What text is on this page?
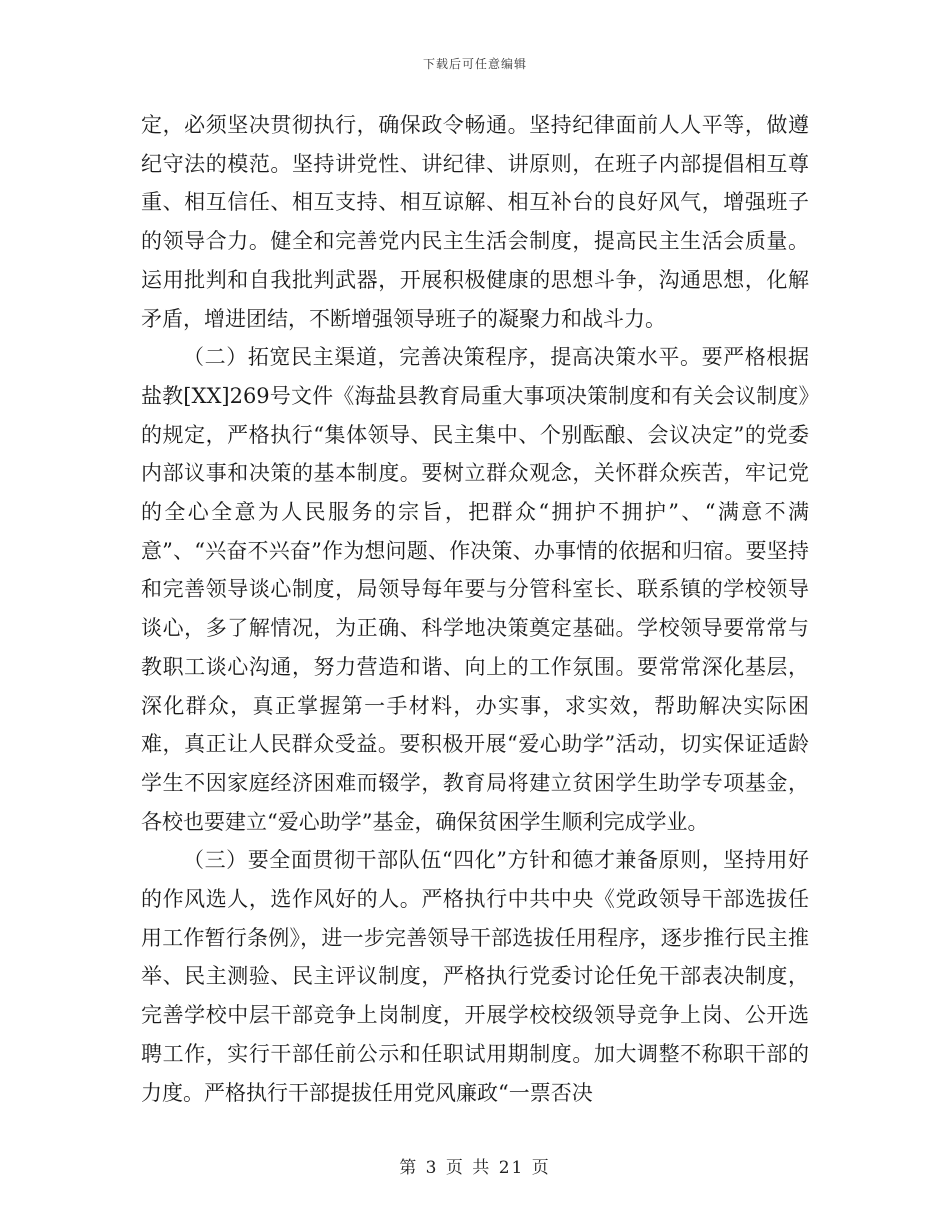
下载后可任意编辑

定，必须坚决贯彻执行，确保政令畅通。坚持纪律面前人人平等，做遵纪守法的模范。坚持讲党性、讲纪律、讲原则，在班子内部提倡相互尊重、相互信任、相互支持、相互谅解、相互补台的良好风气，增强班子的领导合力。健全和完善党内民主生活会制度，提高民主生活会质量。运用批判和自我批判武器，开展积极健康的思想斗争，沟通思想，化解矛盾，增进团结，不断增强领导班子的凝聚力和战斗力。

（二）拓宽民主渠道，完善决策程序，提高决策水平。要严格根据盐教[XX]269号文件《海盐县教育局重大事项决策制度和有关会议制度》的规定，严格执行“集体领导、民主集中、个别酝酿、会议决定”的党委内部议事和决策的基本制度。要树立群众观念，关怀群众疾苦，牢记党的全心全意为人民服务的宗旨，把群众“拥护不拥护”、“满意不满意”、“兴奋不兴奋”作为想问题、作决策、办事情的依据和归宿。要坚持和完善领导谈心制度，局领导每年要与分管科室长、联系镇的学校领导谈心，多了解情况，为正确、科学地决策奠定基础。学校领导要常常与教职工谈心沟通，努力营造和谐、向上的工作氛围。要常常深化基层，深化群众，真正掌握第一手材料，办实事，求实效，帮助解决实际困难，真正让人民群众受益。要积极开展“爱心助学”活动，切实保证适龄学生不因家庭经济困难而辍学，教育局将建立贫困学生助学专项基金，各校也要建立“爱心助学”基金，确保贫困学生顺利完成学业。

（三）要全面贯彻干部队伍“四化”方针和德才兼备原则，坚持用好的作风选人，选作风好的人。严格执行中共中央《党政领导干部选拔任用工作暂行条例》，进一步完善领导干部选拔任用程序，逐步推行民主推举、民主测验、民主评议制度，严格执行党委讨论任免干部表决制度，完善学校中层干部竞争上岗制度，开展学校校级领导竞争上岗、公开选聘工作，实行干部任前公示和任职试用期制度。加大调整不称职干部的力度。严格执行干部提拔任用党风廉政“一票否决

第 3 页 共 21 页
